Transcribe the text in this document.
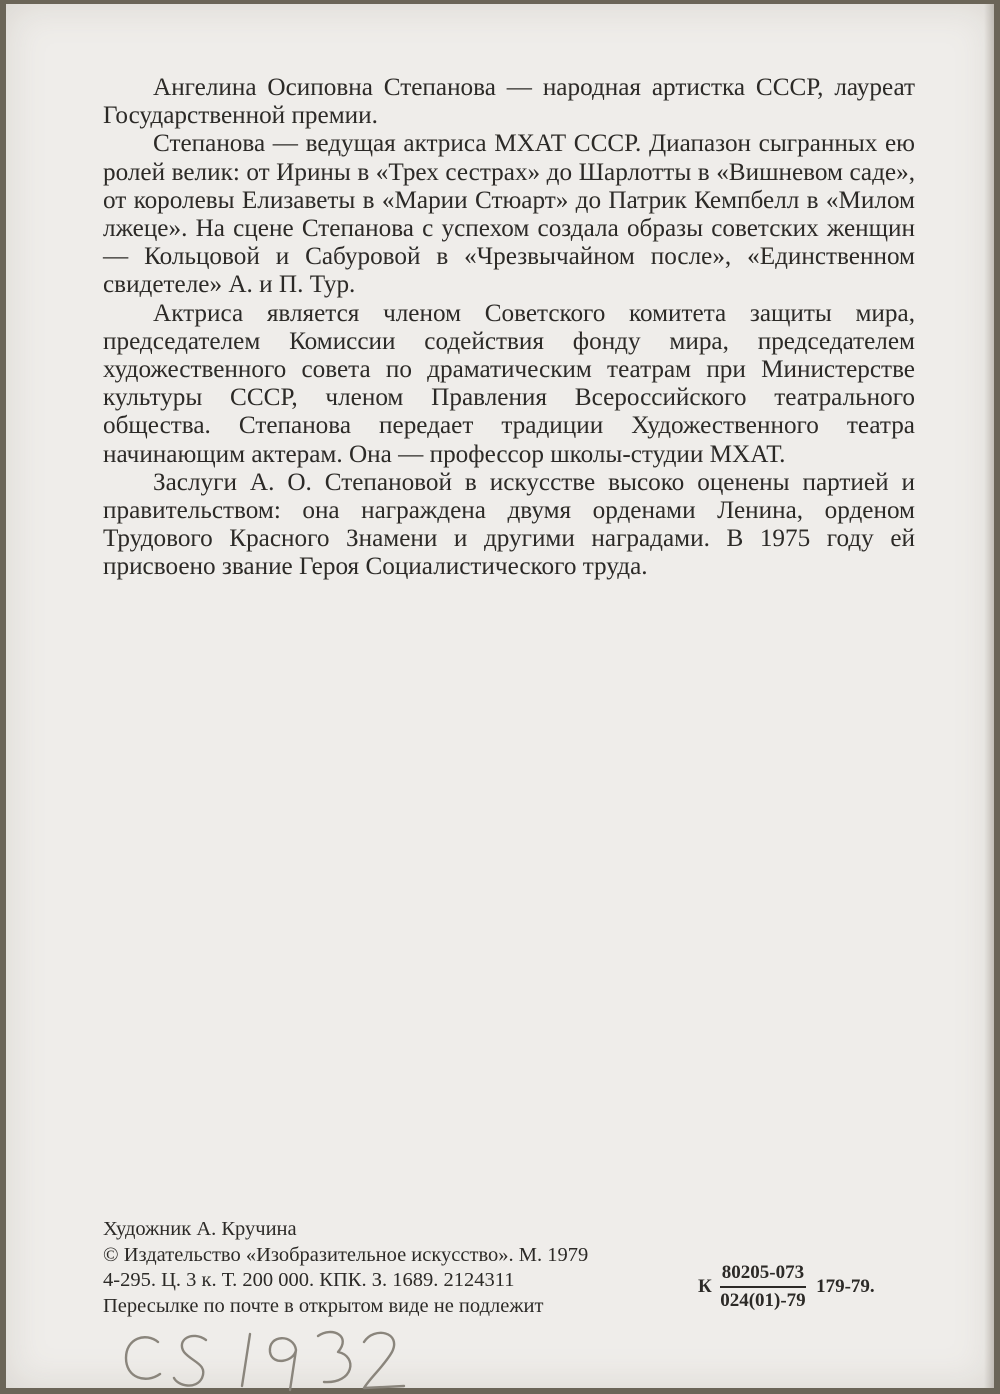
Ангелина Осиповна Степанова — народная артистка СССР, лауреат Государственной премии.

Степанова — ведущая актриса МХАТ СССР. Диапазон сыгранных ею ролей велик: от Ирины в «Трех сестрах» до Шарлотты в «Вишневом саде», от королевы Елизаветы в «Марии Стюарт» до Патрик Кемпбелл в «Милом лжеце». На сцене Степанова с успехом создала образы советских женщин — Кольцовой и Сабуровой в «Чрезвычайном после», «Единственном свидетеле» А. и П. Тур.

Актриса является членом Советского комитета защиты мира, председателем Комиссии содействия фонду мира, председателем художественного совета по драматическим театрам при Министерстве культуры СССР, членом Правления Всероссийского театрального общества. Степанова передает традиции Художественного театра начинающим актерам. Она — профессор школы-студии МХАТ.

Заслуги А. О. Степановой в искусстве высоко оценены партией и правительством: она награждена двумя орденами Ленина, орденом Трудового Красного Знамени и другими наградами. В 1975 году ей присвоено звание Героя Социалистического труда.

Художник А. Кручина
© Издательство «Изобразительное искусство». М. 1979
4-295. Ц. 3 к. Т. 200 000. КПК. З. 1689. 2124311
Пересылке по почте в открытом виде не подлежит
К $\frac{80205-073}{024(01)-79} 179-79$.
